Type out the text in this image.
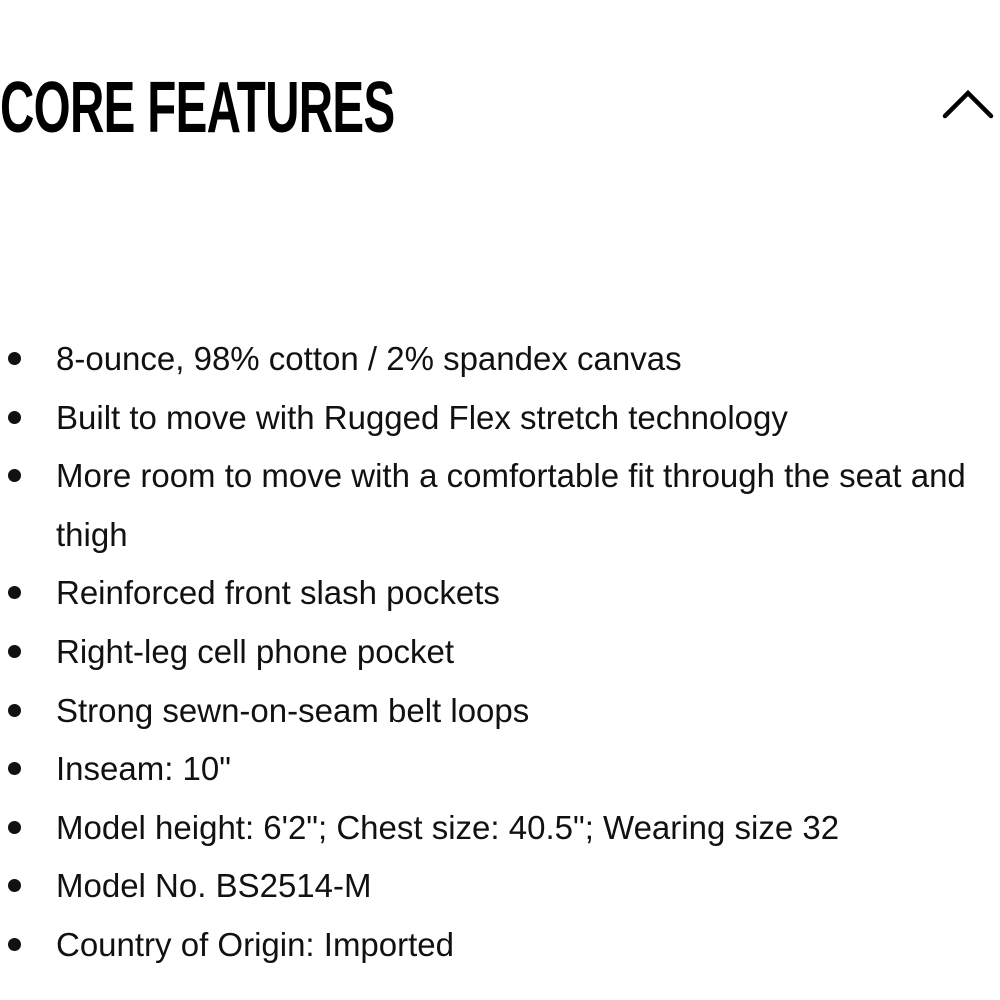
CORE FEATURES
8-ounce, 98% cotton / 2% spandex canvas
Built to move with Rugged Flex stretch technology
More room to move with a comfortable fit through the seat and thigh
Reinforced front slash pockets
Right-leg cell phone pocket
Strong sewn-on-seam belt loops
Inseam: 10"
Model height: 6'2"; Chest size: 40.5"; Wearing size 32
Model No. BS2514-M
Country of Origin: Imported
